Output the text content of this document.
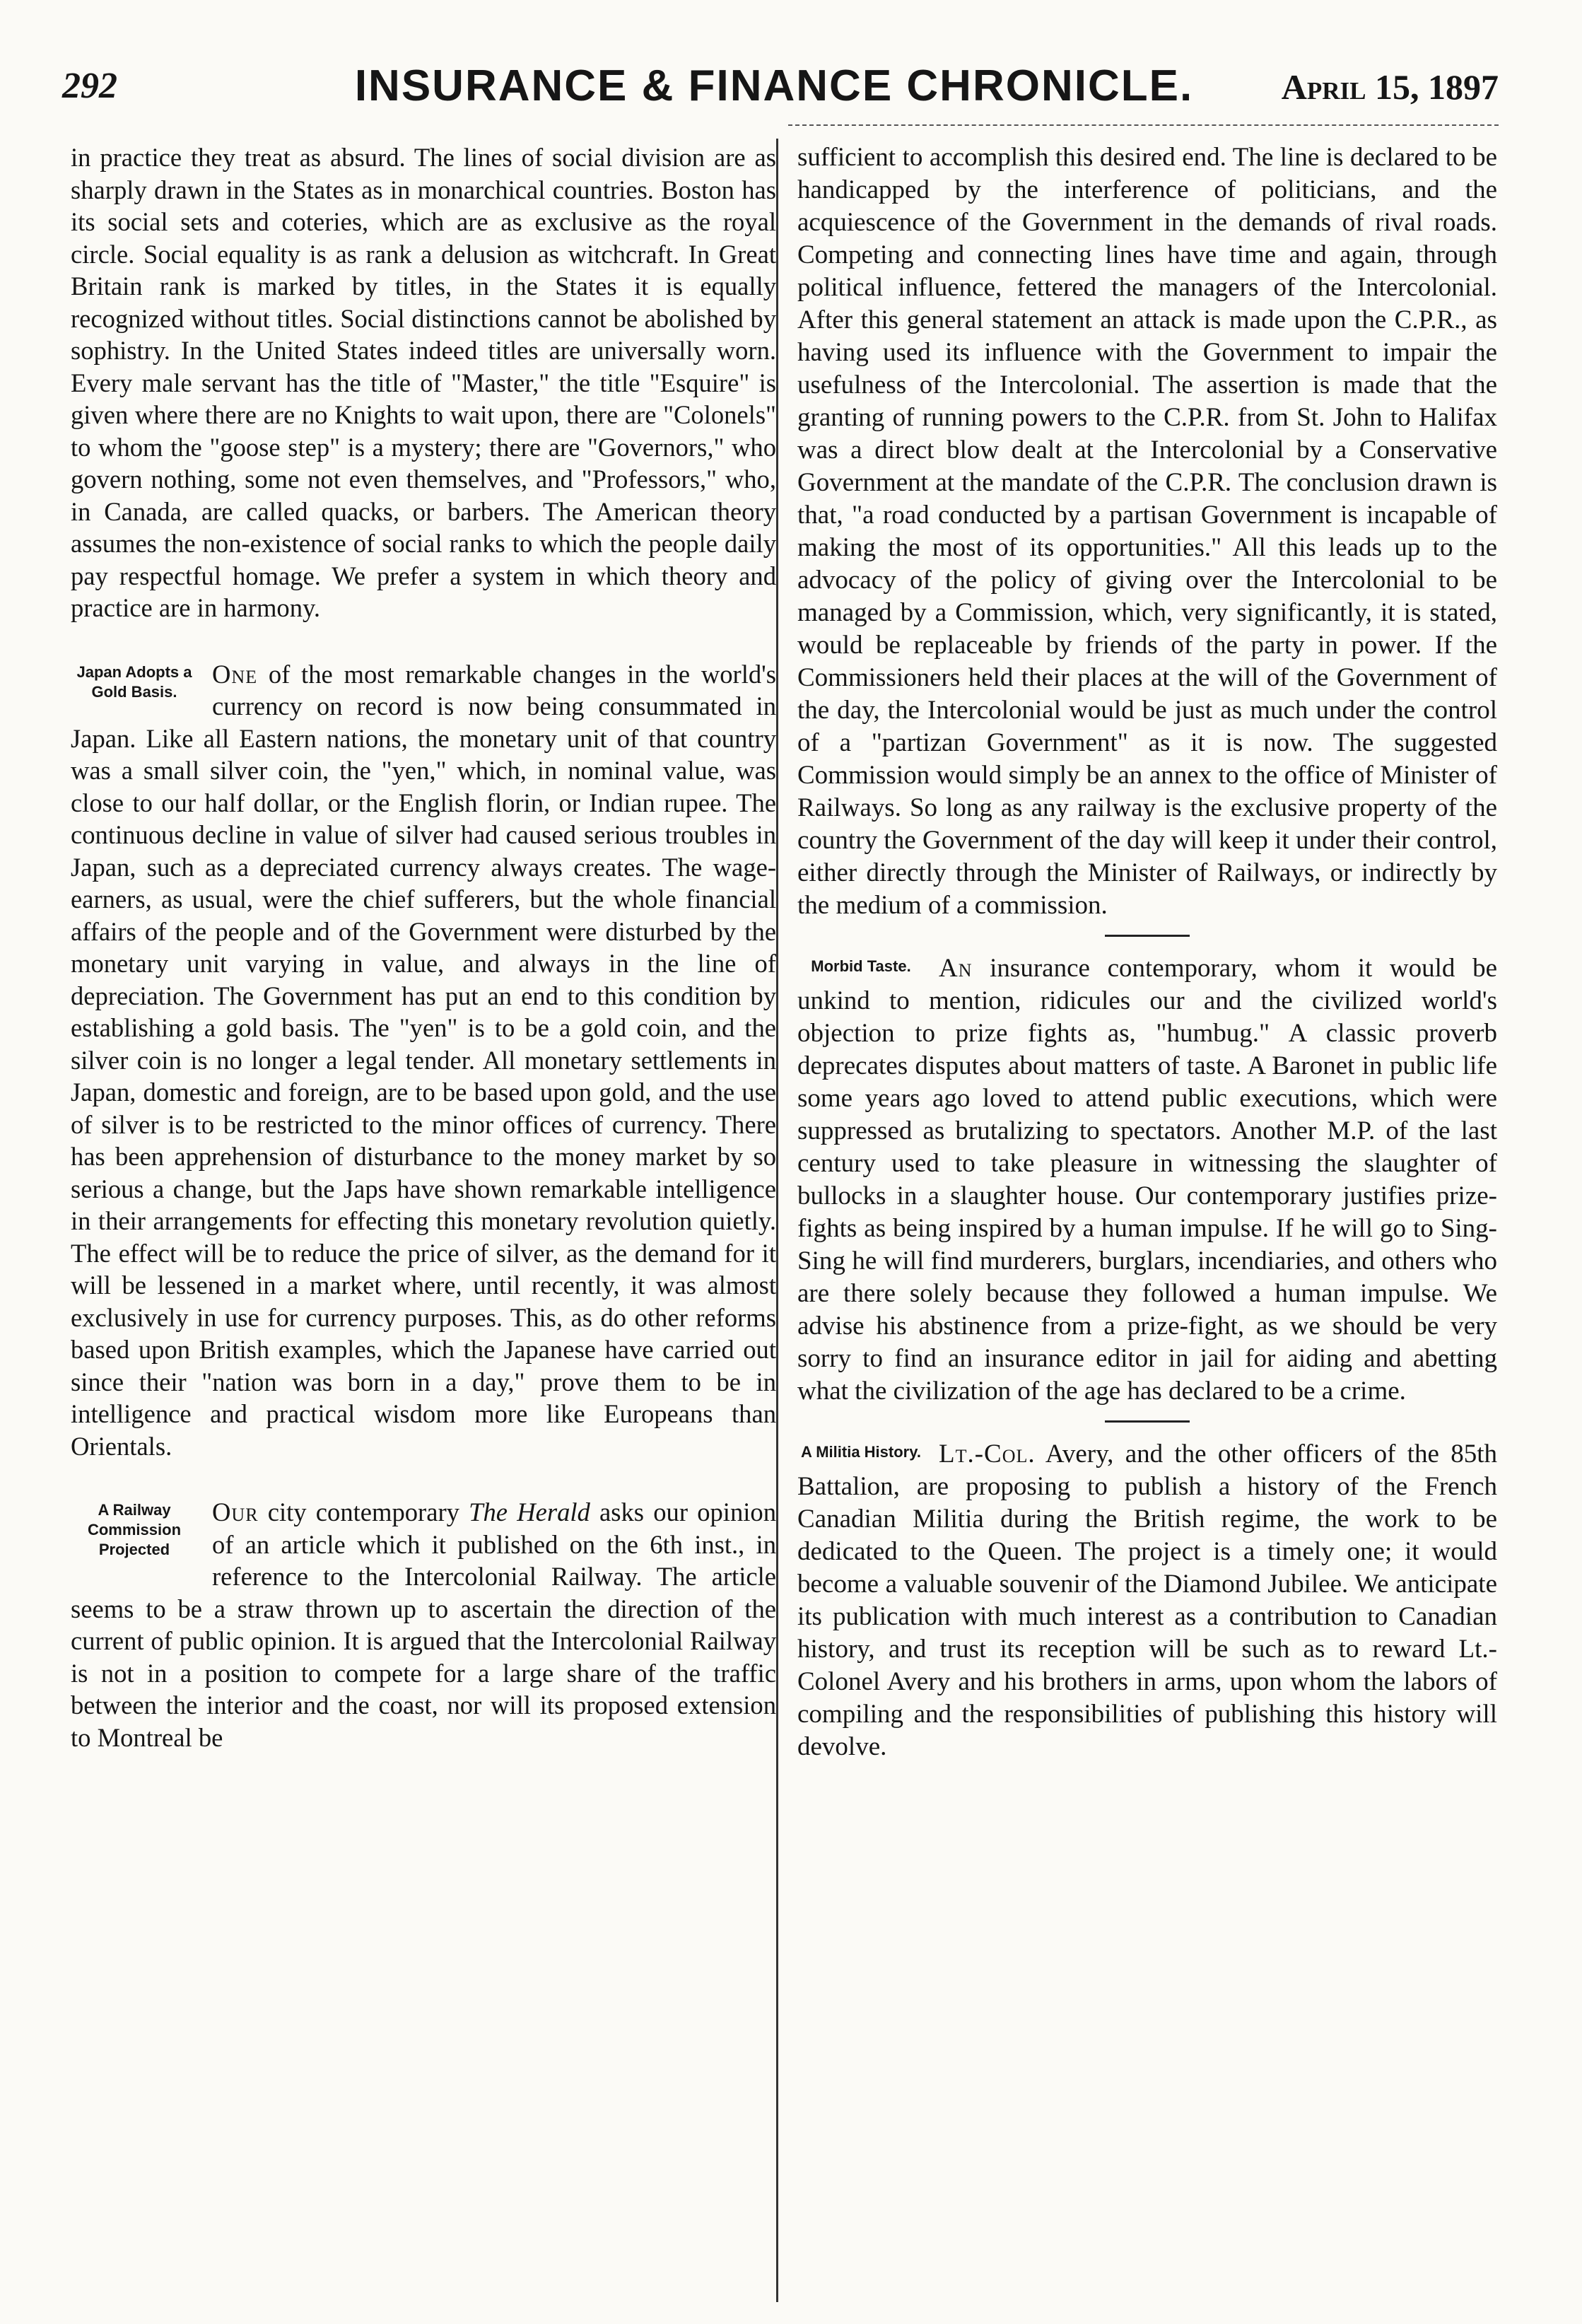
292	INSURANCE & FINANCE CHRONICLE.	April 15, 1897

in practice they treat as absurd. The lines of social division are as sharply drawn in the States as in monarchical countries. Boston has its social sets and coteries, which are as exclusive as the royal circle. Social equality is as rank a delusion as witchcraft. In Great Britain rank is marked by titles, in the States it is equally recognized without titles. Social distinctions cannot be abolished by sophistry. In the United States indeed titles are universally worn. Every male servant has the title of "Master," the title "Esquire" is given where there are no Knights to wait upon, there are "Colonels" to whom the "goose step" is a mystery; there are "Governors," who govern nothing, some not even themselves, and "Professors," who, in Canada, are called quacks, or barbers. The American theory assumes the non-existence of social ranks to which the people daily pay respectful homage. We prefer a system in which theory and practice are in harmony.

Japan Adopts a Gold Basis.

One of the most remarkable changes in the world's currency on record is now being consummated in Japan. Like all Eastern nations, the monetary unit of that country was a small silver coin, the "yen," which, in nominal value, was close to our half dollar, or the English florin, or Indian rupee. The continuous decline in value of silver had caused serious troubles in Japan, such as a depreciated currency always creates. The wage-earners, as usual, were the chief sufferers, but the whole financial affairs of the people and of the Government were disturbed by the monetary unit varying in value, and always in the line of depreciation. The Government has put an end to this condition by establishing a gold basis. The "yen" is to be a gold coin, and the silver coin is no longer a legal tender. All monetary settlements in Japan, domestic and foreign, are to be based upon gold, and the use of silver is to be restricted to the minor offices of currency. There has been apprehension of disturbance to the money market by so serious a change, but the Japs have shown remarkable intelligence in their arrangements for effecting this monetary revolution quietly. The effect will be to reduce the price of silver, as the demand for it will be lessened in a market where, until recently, it was almost exclusively in use for currency purposes. This, as do other reforms based upon British examples, which the Japanese have carried out since their "nation was born in a day," prove them to be in intelligence and practical wisdom more like Europeans than Orientals.

A Railway Commission Projected

Our city contemporary The Herald asks our opinion of an article which it published on the 6th inst., in reference to the Intercolonial Railway. The article seems to be a straw thrown up to ascertain the direction of the current of public opinion. It is argued that the Intercolonial Railway is not in a position to compete for a large share of the traffic between the interior and the coast, nor will its proposed extension to Montreal be

sufficient to accomplish this desired end. The line is declared to be handicapped by the interference of politicians, and the acquiescence of the Government in the demands of rival roads. Competing and connecting lines have time and again, through political influence, fettered the managers of the Intercolonial. After this general statement an attack is made upon the C.P.R., as having used its influence with the Government to impair the usefulness of the Intercolonial. The assertion is made that the granting of running powers to the C.P.R. from St. John to Halifax was a direct blow dealt at the Intercolonial by a Conservative Government at the mandate of the C.P.R. The conclusion drawn is that, "a road conducted by a partisan Government is incapable of making the most of its opportunities." All this leads up to the advocacy of the policy of giving over the Intercolonial to be managed by a Commission, which, very significantly, it is stated, would be replaceable by friends of the party in power. If the Commissioners held their places at the will of the Government of the day, the Intercolonial would be just as much under the control of a "partizan Government" as it is now. The suggested Commission would simply be an annex to the office of Minister of Railways. So long as any railway is the exclusive property of the country the Government of the day will keep it under their control, either directly through the Minister of Railways, or indirectly by the medium of a commission.

Morbid Taste.	An insurance contemporary, whom it would be unkind to mention, ridicules our and the civilized world's objection to prize fights as, "humbug." A classic proverb deprecates disputes about matters of taste. A Baronet in public life some years ago loved to attend public executions, which were suppressed as brutalizing to spectators. Another M.P. of the last century used to take pleasure in witnessing the slaughter of bullocks in a slaughter house. Our contemporary justifies prize-fights as being inspired by a human impulse. If he will go to Sing-Sing he will find murderers, burglars, incendiaries, and others who are there solely because they followed a human impulse. We advise his abstinence from a prize-fight, as we should be very sorry to find an insurance editor in jail for aiding and abetting what the civilization of the age has declared to be a crime.

A Militia History. Lt.-Col. Avery, and the other officers of the 85th Battalion, are proposing to publish a history of the French Canadian Militia during the British regime, the work to be dedicated to the Queen. The project is a timely one; it would become a valuable souvenir of the Diamond Jubilee. We anticipate its publication with much interest as a contribution to Canadian history, and trust its reception will be such as to reward Lt.-Colonel Avery and his brothers in arms, upon whom the labors of compiling and the responsibilities of publishing this history will devolve.
